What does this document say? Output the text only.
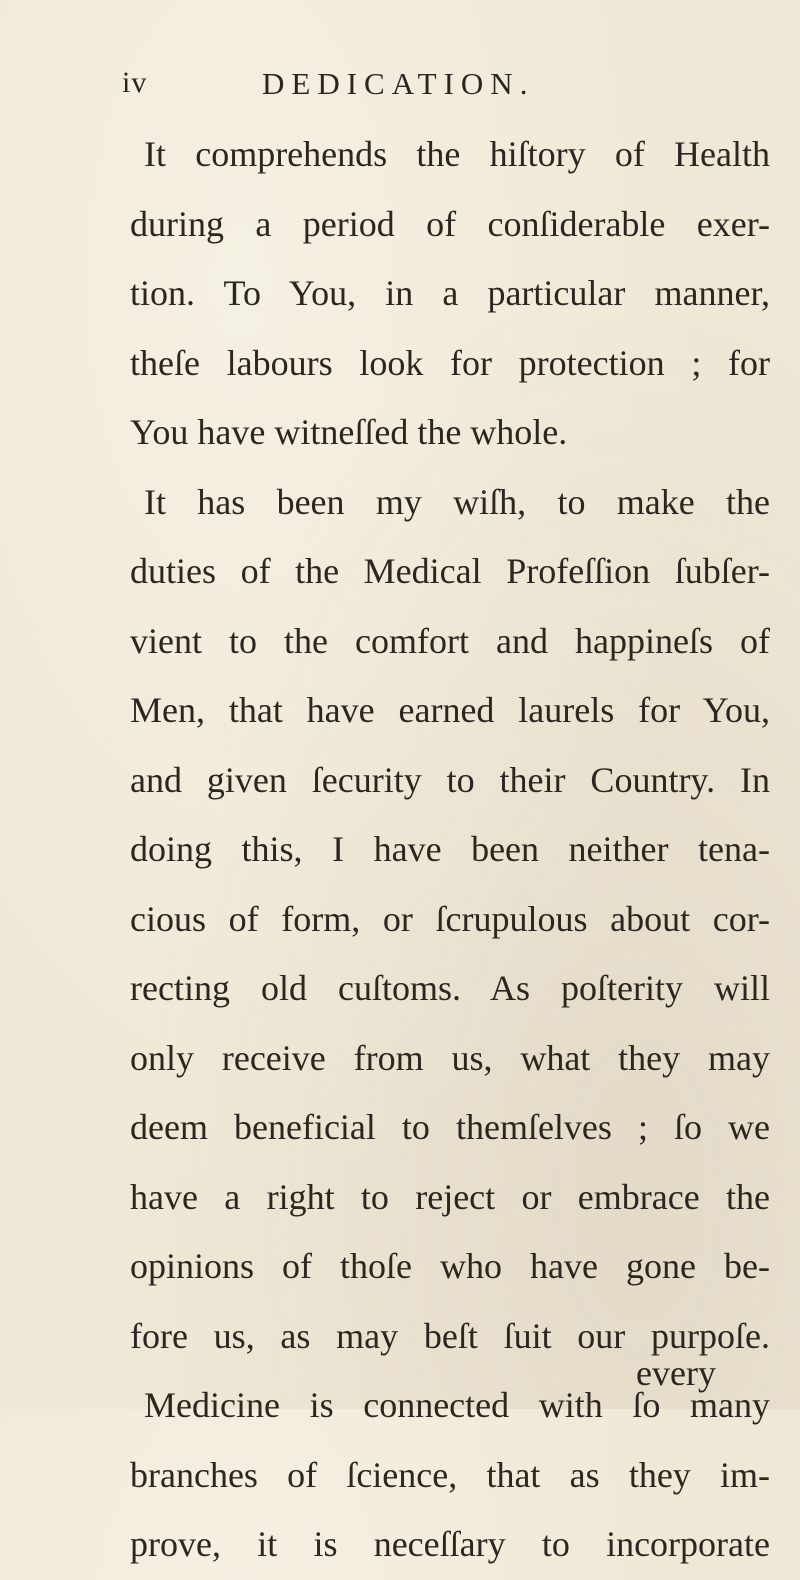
iv	DEDICATION.
It comprehends the hiſtory of Health
during a period of conſiderable exer-
tion. To You, in a particular manner,
theſe labours look for protection ; for
You have witneſſed the whole.
It has been my wiſh, to make the
duties of the Medical Profeſſion ſubſer-
vient to the comfort and happineſs of
Men, that have earned laurels for You,
and given ſecurity to their Country. In
doing this, I have been neither tena-
cious of form, or ſcrupulous about cor-
recting old cuſtoms. As poſterity will
only receive from us, what they may
deem beneficial to themſelves ; ſo we
have a right to reject or embrace the
opinions of thoſe who have gone be-
fore us, as may beſt ſuit our purpoſe.
Medicine is connected with ſo many
branches of ſcience, that as they im-
prove, it is neceſſary to incorporate
every
